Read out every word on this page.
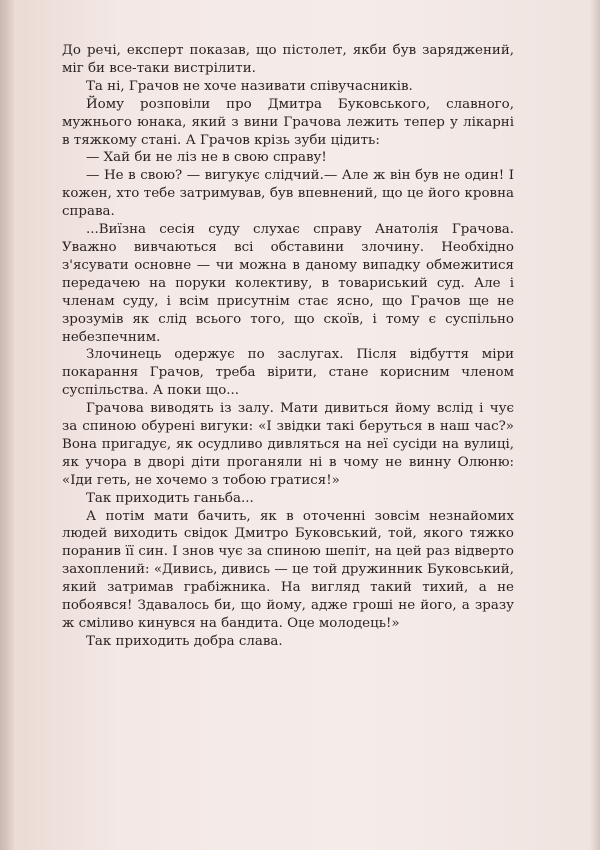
До речі, експерт показав, що пістолет, якби був заряджений, міг би все-таки вистрілити.

Та ні, Грачов не хоче називати співучасників.

Йому розповіли про Дмитра Буковського, славного, мужнього юнака, який з вини Грачова лежить тепер у лікарні в тяжкому стані. А Грачов крізь зуби цідить:

— Хай би не ліз не в свою справу!

— Не в свою? — вигукує слідчий.— Але ж він був не один! І кожен, хто тебе затримував, був впевнений, що це його кровна справа.

...Виїзна сесія суду слухає справу Анатолія Грачова. Уважно вивчаються всі обставини злочину. Необхідно з'ясувати основне — чи можна в даному випадку обмежитися передачею на поруки колективу, в товариський суд. Але і членам суду, і всім присутнім стає ясно, що Грачов ще не зрозумів як слід всього того, що скоїв, і тому є суспільно небезпечним.

Злочинець одержує по заслугах. Після відбуття міри покарання Грачов, треба вірити, стане корисним членом суспільства. А поки що...

Грачова виводять із залу. Мати дивиться йому вслід і чує за спиною обурені вигуки: «І звідки такі беруться в наш час?» Вона пригадує, як осудливо дивляться на неї сусіди на вулиці, як учора в дворі діти проганяли ні в чому не винну Олюню: «Іди геть, не хочемо з тобою гратися!»

Так приходить ганьба...

А потім мати бачить, як в оточенні зовсім незнайомих людей виходить свідок Дмитро Буковський, той, якого тяжко поранив її син. І знов чує за спиною шепіт, на цей раз відверто захоплений: «Дивись, дивись — це той дружинник Буковський, який затримав грабіжника. На вигляд такий тихий, а не побоявся! Здавалось би, що йому, адже гроші не його, а зразу ж сміливо кинувся на бандита. Оце молодець!»

Так приходить добра слава.
